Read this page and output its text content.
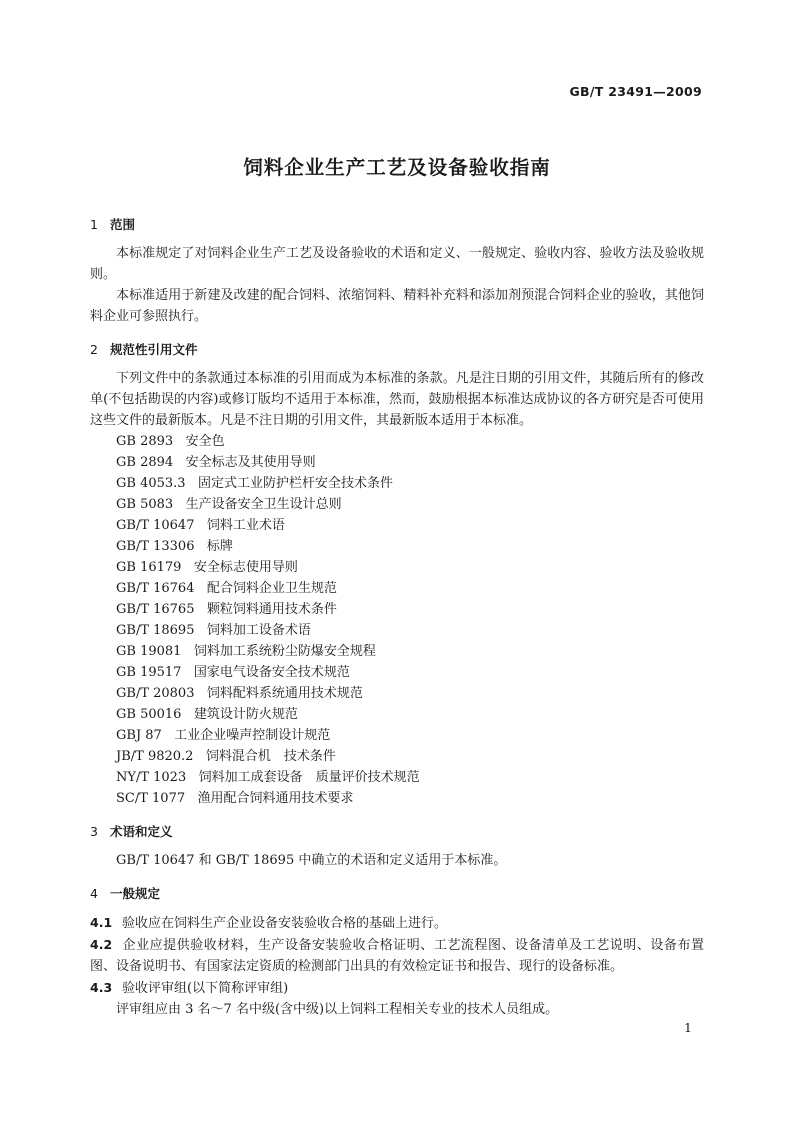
GB/T 23491—2009
饲料企业生产工艺及设备验收指南
1 范围

本标准规定了对饲料企业生产工艺及设备验收的术语和定义、一般规定、验收内容、验收方法及验收规则。

本标准适用于新建及改建的配合饲料、浓缩饲料、精料补充料和添加剂预混合饲料企业的验收，其他饲料企业可参照执行。

2 规范性引用文件

下列文件中的条款通过本标准的引用而成为本标准的条款。凡是注日期的引用文件，其随后所有的修改单(不包括勘误的内容)或修订版均不适用于本标准，然而，鼓励根据本标准达成协议的各方研究是否可使用这些文件的最新版本。凡是不注日期的引用文件，其最新版本适用于本标准。

GB 2893 安全色
GB 2894 安全标志及其使用导则
GB 4053.3 固定式工业防护栏杆安全技术条件
GB 5083 生产设备安全卫生设计总则
GB/T 10647 饲料工业术语
GB/T 13306 标牌
GB 16179 安全标志使用导则
GB/T 16764 配合饲料企业卫生规范
GB/T 16765 颗粒饲料通用技术条件
GB/T 18695 饲料加工设备术语
GB 19081 饲料加工系统粉尘防爆安全规程
GB 19517 国家电气设备安全技术规范
GB/T 20803 饲料配料系统通用技术规范
GB 50016 建筑设计防火规范
GBJ 87 工业企业噪声控制设计规范
JB/T 9820.2 饲料混合机　技术条件
NY/T 1023 饲料加工成套设备　质量评价技术规范
SC/T 1077 渔用配合饲料通用技术要求
3 术语和定义

GB/T 10647 和 GB/T 18695 中确立的术语和定义适用于本标准。

4 一般规定

4.1 验收应在饲料生产企业设备安装验收合格的基础上进行。

4.2 企业应提供验收材料，生产设备安装验收合格证明、工艺流程图、设备清单及工艺说明、设备布置图、设备说明书、有国家法定资质的检测部门出具的有效检定证书和报告、现行的设备标准。

4.3 验收评审组(以下简称评审组)

评审组应由 3 名～7 名中级(含中级)以上饲料工程相关专业的技术人员组成。

1
